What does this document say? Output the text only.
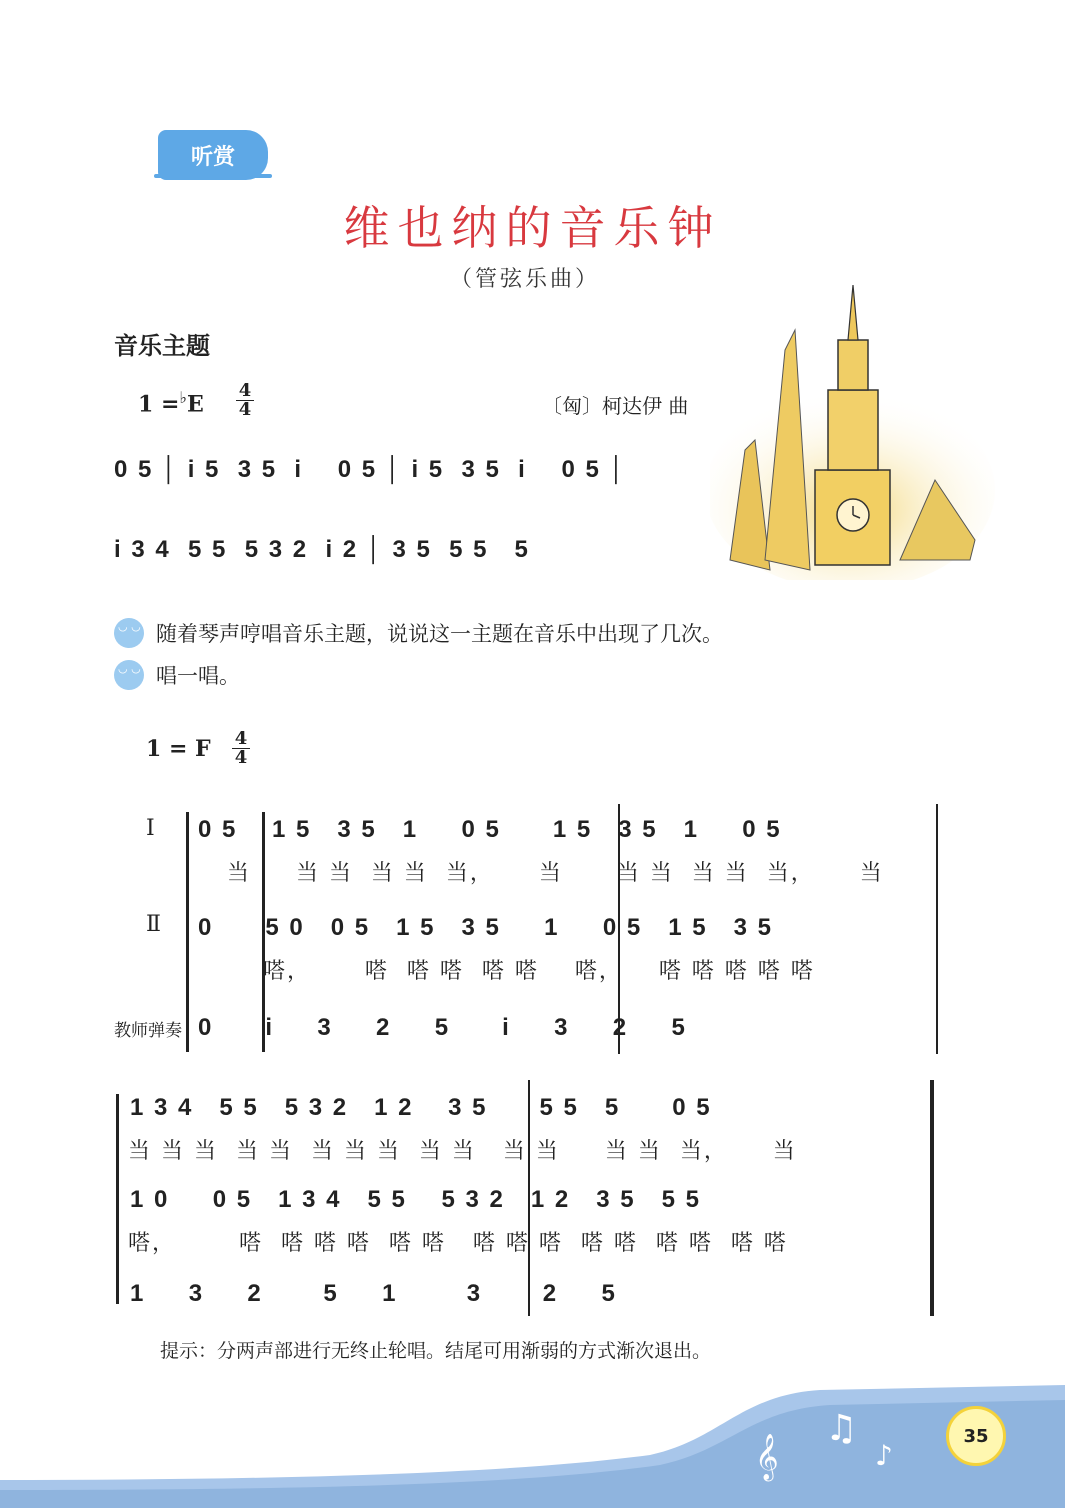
听赏
维也纳的音乐钟
（管弦乐曲）
音乐主题
1 =♭E
4
4	〔匈〕柯达伊 曲
0 5 │ i 5  3 5  i    0 5 │ i 5  3 5  i    0 5 │
i 3 4  5 5  5 3 2  i 2 │ 3 5  5 5   5
◡ ◡
随着琴声哼唱音乐主题，说说这一主题在音乐中出现了几次。
◡ ◡
唱一唱。
1 = F 4
4
Ⅰ
Ⅱ
教师弹奏
0 5    1 5   3 5   1     0 5      1 5   3 5   1     0 5
当     当 当  当 当  当，     当      当 当  当 当  当，     当
0      5 0   0 5   1 5   3 5     1     0 5   1 5   3 5
嗒，      嗒  嗒 嗒  嗒 嗒    嗒，    嗒 嗒 嗒 嗒 嗒
0      i     3     2     5      i     3     2     5
1 3 4   5 5   5 3 2   1 2    3 5      5 5   5      0 5
当 当 当  当 当  当 当 当  当 当   当 当     当 当  当，     当
1 0     0 5   1 3 4   5 5    5 3 2   1 2   3 5   5 5
嗒，       嗒  嗒 嗒 嗒  嗒 嗒   嗒 嗒 嗒  嗒 嗒  嗒 嗒  嗒 嗒
1     3     2       5     1        3       2     5
提示：分两声部进行无终止轮唱。结尾可用渐弱的方式渐次退出。
𝄞
♫
♪
35
